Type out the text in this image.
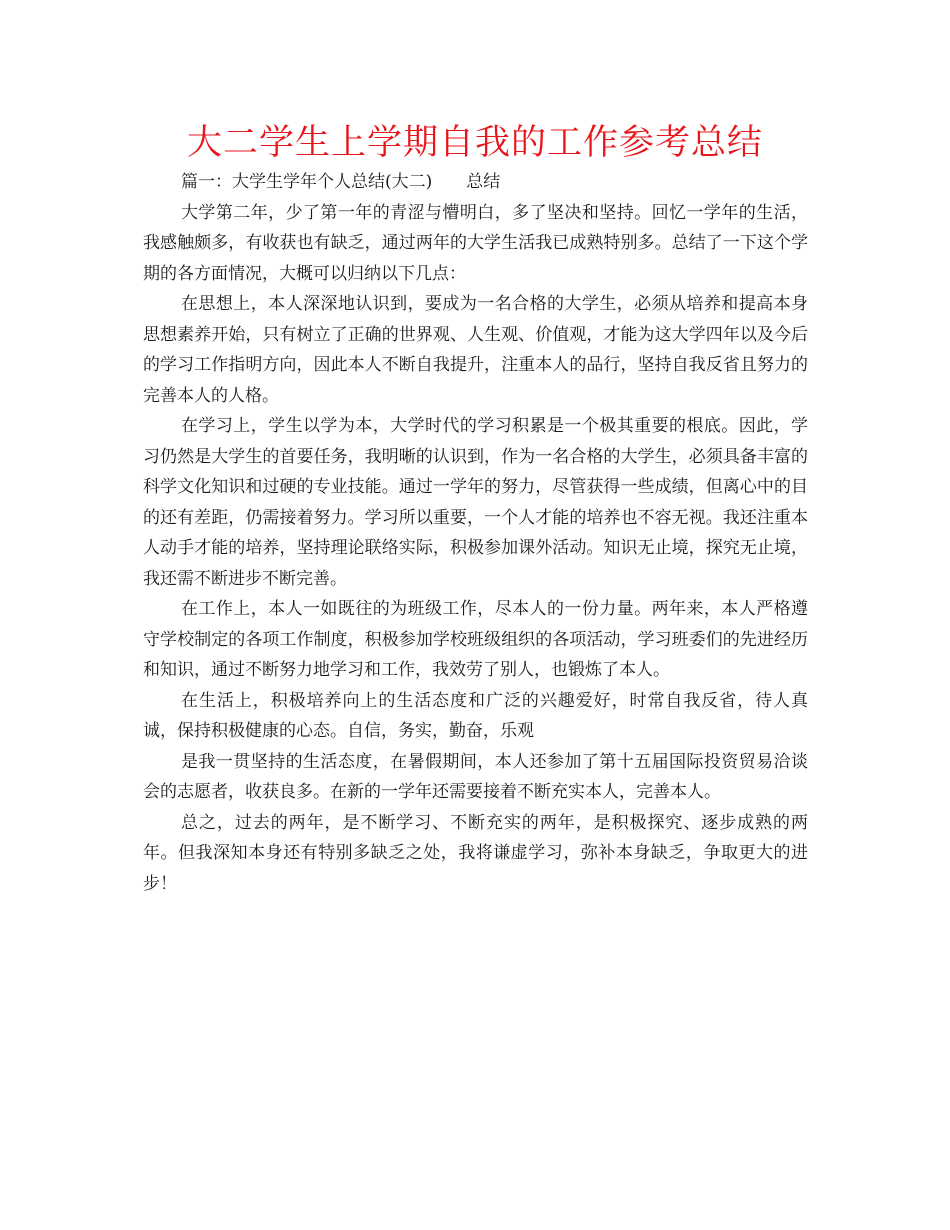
大二学生上学期自我的工作参考总结

篇一：大学生学年个人总结(大二)　　总结

大学第二年，少了第一年的青涩与懵明白，多了坚决和坚持。回忆一学年的生活，我感触颇多，有收获也有缺乏，通过两年的大学生活我已成熟特别多。总结了一下这个学期的各方面情况，大概可以归纳以下几点：

在思想上，本人深深地认识到，要成为一名合格的大学生，必须从培养和提高本身思想素养开始，只有树立了正确的世界观、人生观、价值观，才能为这大学四年以及今后的学习工作指明方向，因此本人不断自我提升，注重本人的品行，坚持自我反省且努力的完善本人的人格。

在学习上，学生以学为本，大学时代的学习积累是一个极其重要的根底。因此，学习仍然是大学生的首要任务，我明晰的认识到，作为一名合格的大学生，必须具备丰富的科学文化知识和过硬的专业技能。通过一学年的努力，尽管获得一些成绩，但离心中的目的还有差距，仍需接着努力。学习所以重要，一个人才能的培养也不容无视。我还注重本人动手才能的培养，坚持理论联络实际，积极参加课外活动。知识无止境，探究无止境，我还需不断进步不断完善。

在工作上，本人一如既往的为班级工作，尽本人的一份力量。两年来，本人严格遵守学校制定的各项工作制度，积极参加学校班级组织的各项活动，学习班委们的先进经历和知识，通过不断努力地学习和工作，我效劳了别人，也锻炼了本人。

在生活上，积极培养向上的生活态度和广泛的兴趣爱好，时常自我反省，待人真诚，保持积极健康的心态。自信，务实，勤奋，乐观

是我一贯坚持的生活态度，在暑假期间，本人还参加了第十五届国际投资贸易洽谈会的志愿者，收获良多。在新的一学年还需要接着不断充实本人，完善本人。

总之，过去的两年，是不断学习、不断充实的两年，是积极探究、逐步成熟的两年。但我深知本身还有特别多缺乏之处，我将谦虚学习，弥补本身缺乏，争取更大的进步！
